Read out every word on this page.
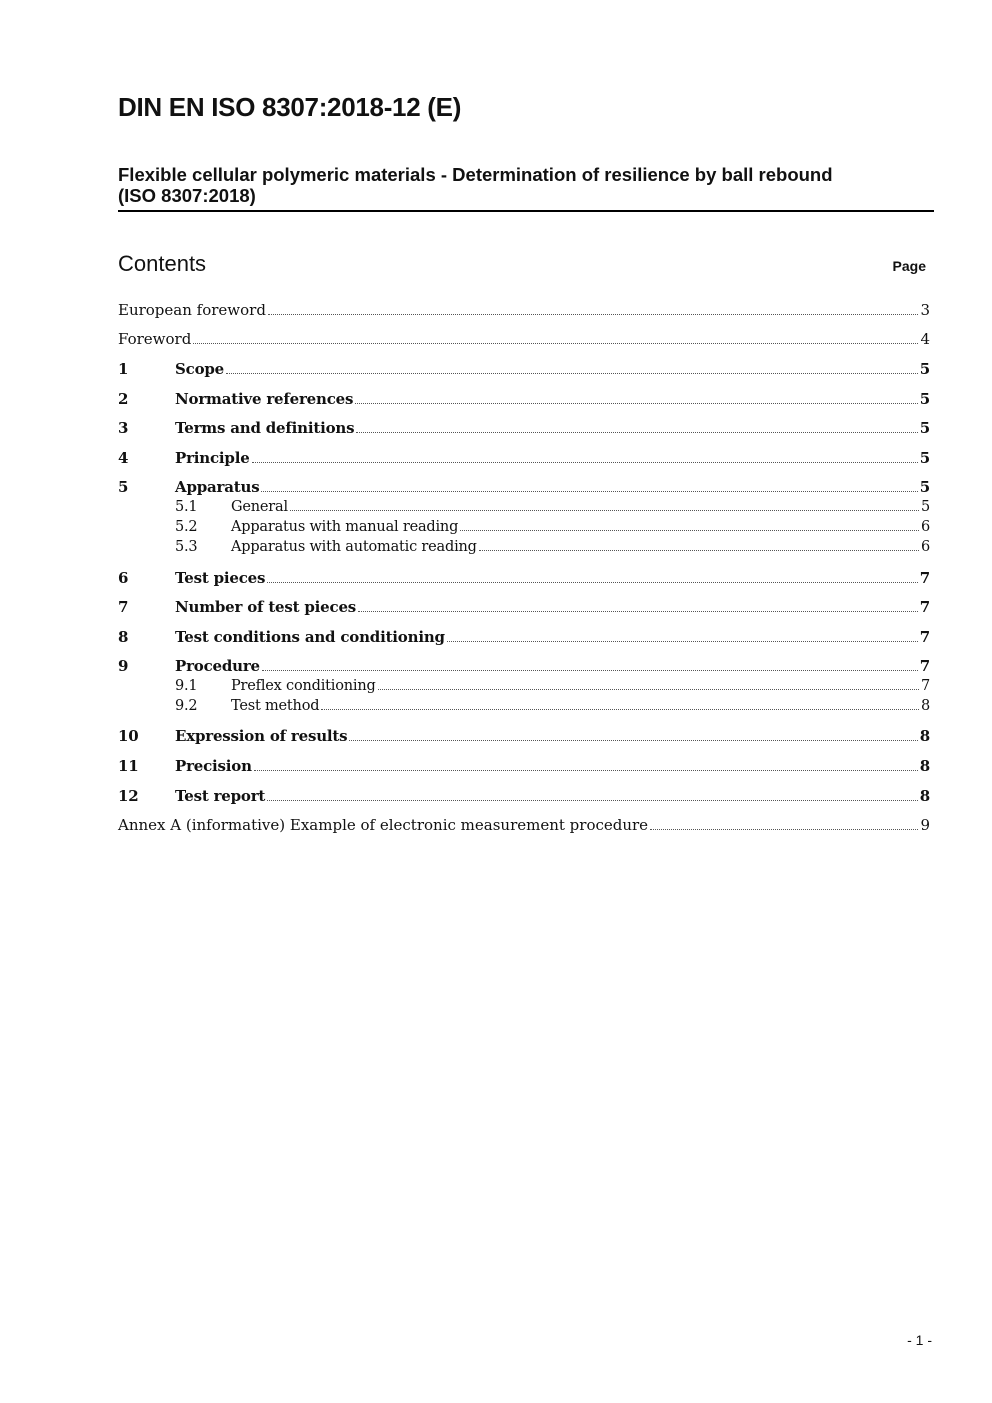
DIN EN ISO 8307:2018-12 (E)
Flexible cellular polymeric materials - Determination of resilience by ball rebound
(ISO 8307:2018)
Contents	Page
European foreword	3
Foreword	4
1	Scope	5
2	Normative references	5
3	Terms and definitions	5
4	Principle	5
5	Apparatus	5
5.1	General	5
5.2	Apparatus with manual reading	6
5.3	Apparatus with automatic reading	6
6	Test pieces	7
7	Number of test pieces	7
8	Test conditions and conditioning	7
9	Procedure	7
9.1	Preflex conditioning	7
9.2	Test method	8
10	Expression of results	8
11	Precision	8
12	Test report	8
Annex A (informative) Example of electronic measurement procedure	9
- 1 -
